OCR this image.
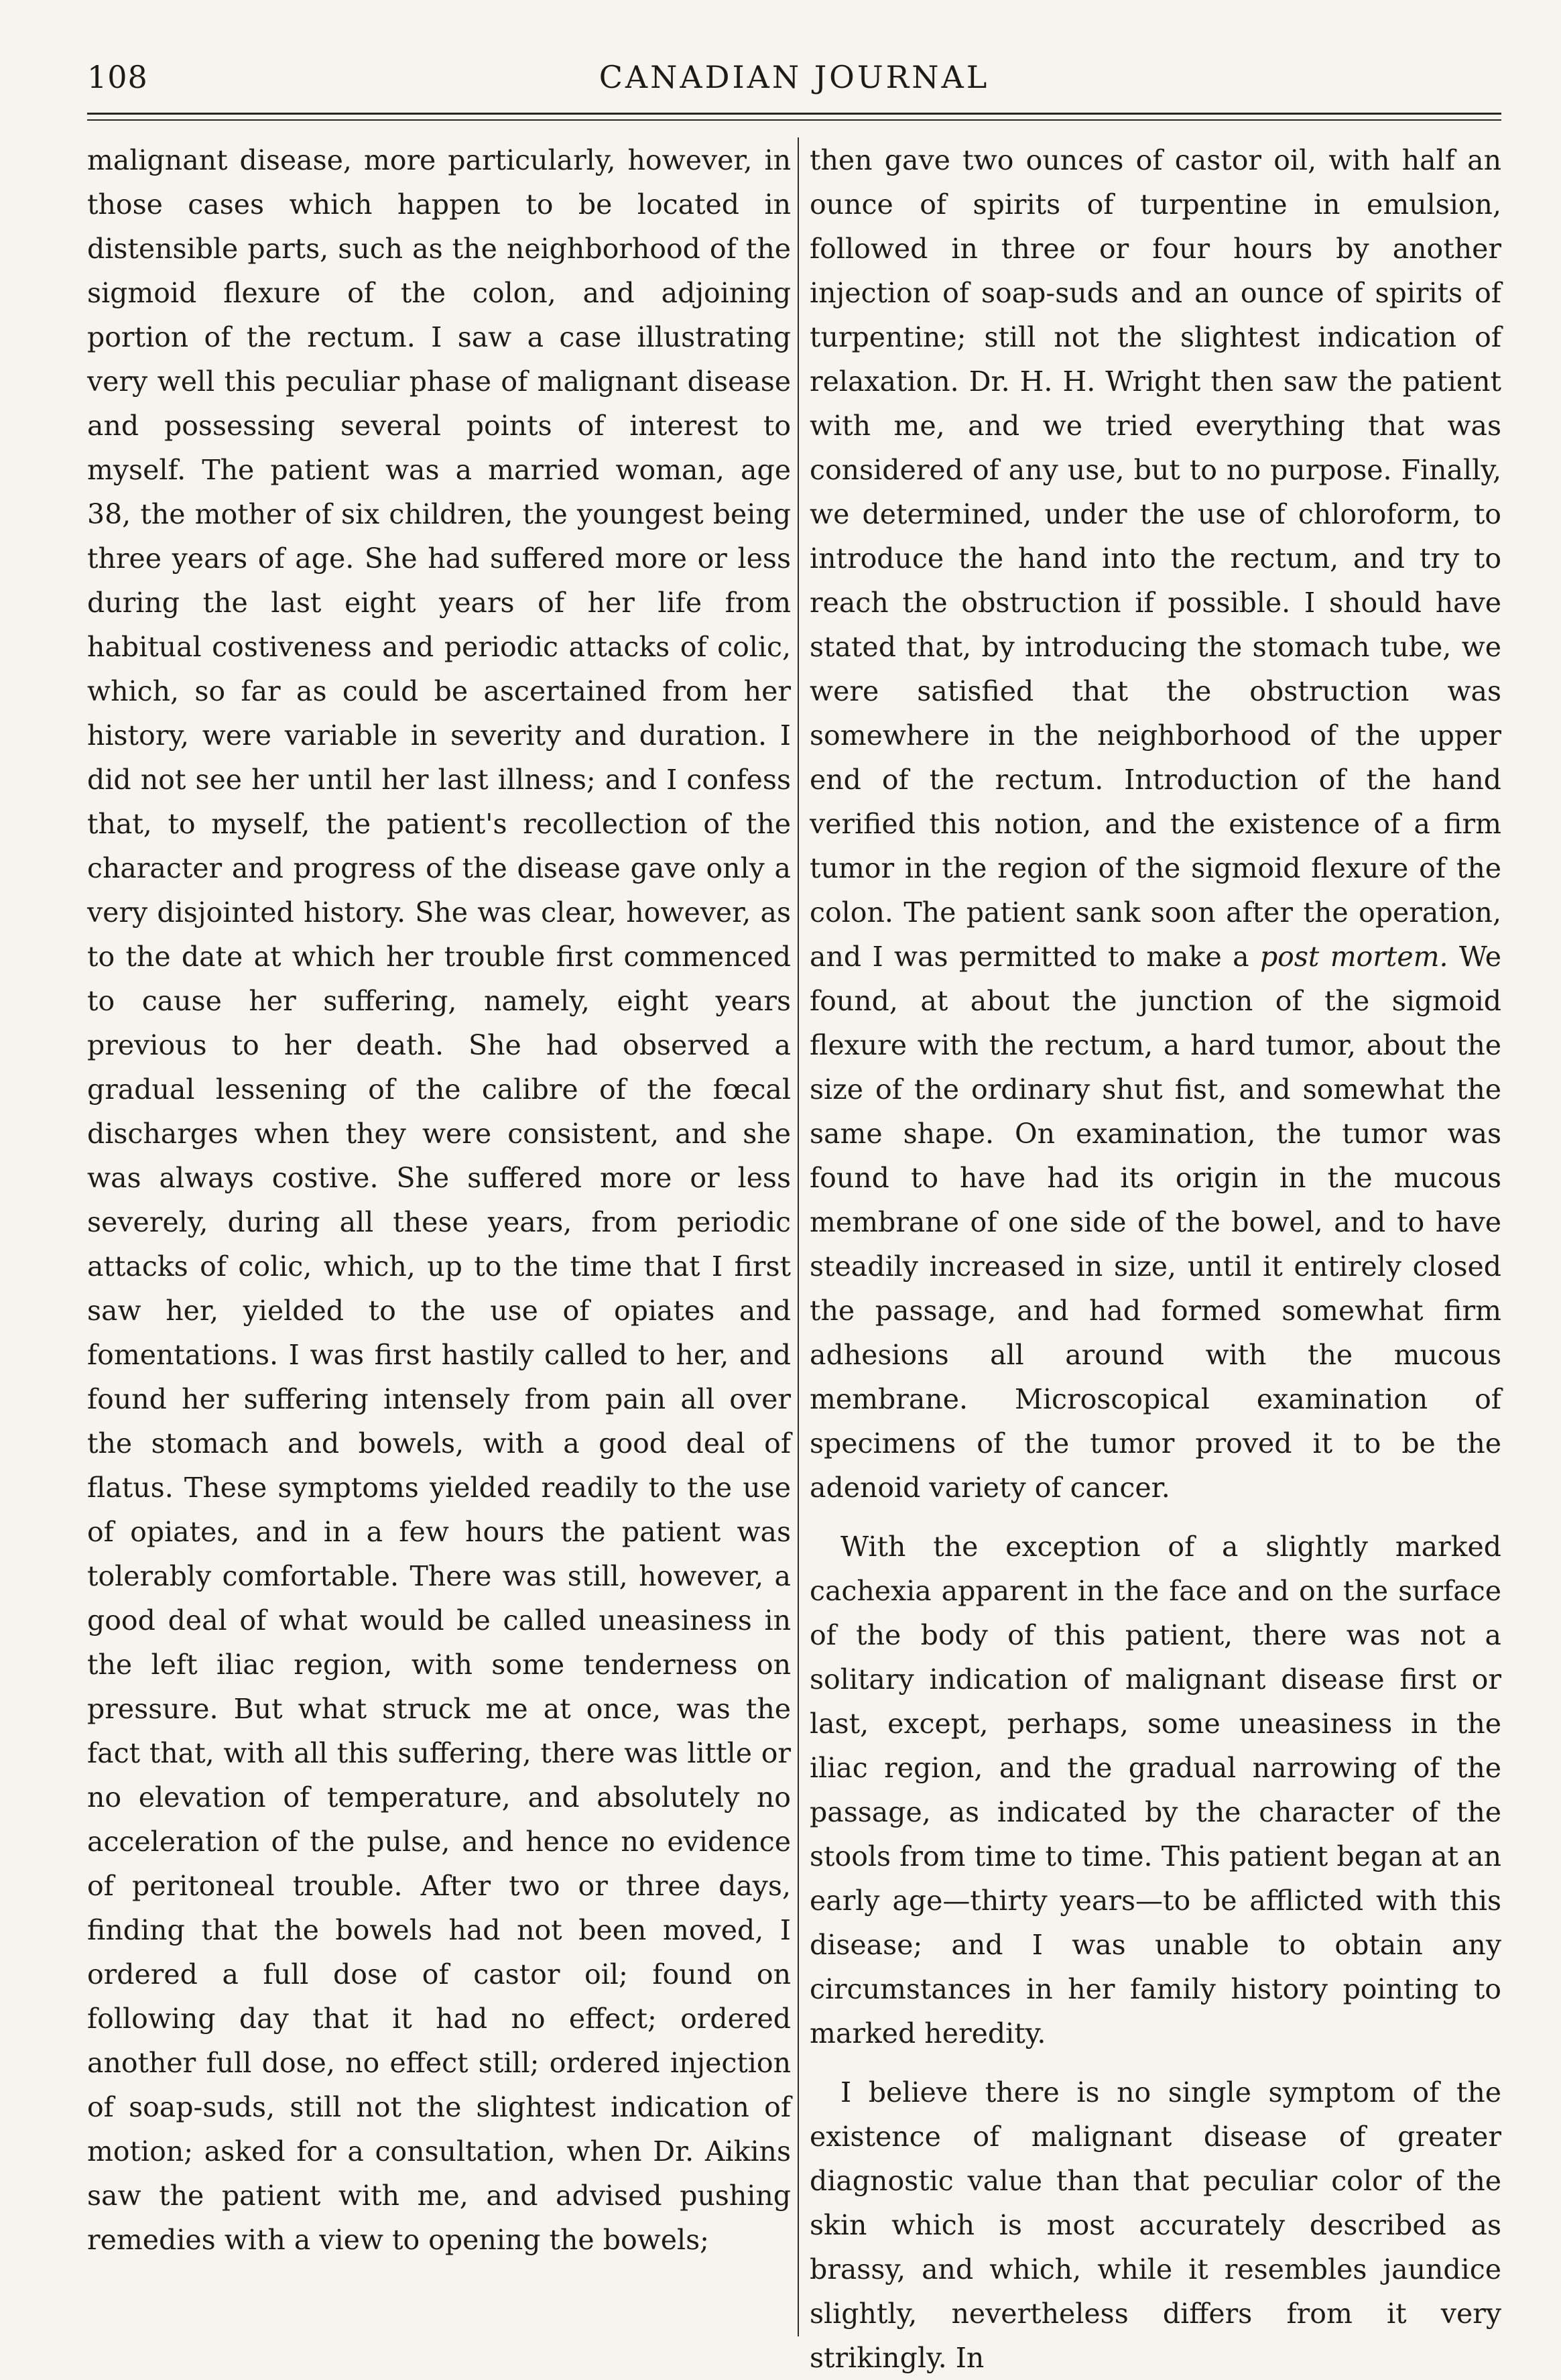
108	CANADIAN JOURNAL

malignant disease, more particularly, however, in those cases which happen to be located in distensible parts, such as the neighborhood of the sigmoid flexure of the colon, and adjoining portion of the rectum. I saw a case illustrating very well this peculiar phase of malignant disease and possessing several points of interest to myself. The patient was a married woman, age 38, the mother of six children, the youngest being three years of age. She had suffered more or less during the last eight years of her life from habitual costiveness and periodic attacks of colic, which, so far as could be ascertained from her history, were variable in severity and duration. I did not see her until her last illness; and I confess that, to myself, the patient's recollection of the character and progress of the disease gave only a very disjointed history. She was clear, however, as to the date at which her trouble first commenced to cause her suffering, namely, eight years previous to her death. She had observed a gradual lessening of the calibre of the fœcal discharges when they were consistent, and she was always costive. She suffered more or less severely, during all these years, from periodic attacks of colic, which, up to the time that I first saw her, yielded to the use of opiates and fomentations. I was first hastily called to her, and found her suffering intensely from pain all over the stomach and bowels, with a good deal of flatus. These symptoms yielded readily to the use of opiates, and in a few hours the patient was tolerably comfortable. There was still, however, a good deal of what would be called uneasiness in the left iliac region, with some tenderness on pressure. But what struck me at once, was the fact that, with all this suffering, there was little or no elevation of temperature, and absolutely no acceleration of the pulse, and hence no evidence of peritoneal trouble. After two or three days, finding that the bowels had not been moved, I ordered a full dose of castor oil; found on following day that it had no effect; ordered another full dose, no effect still; ordered injection of soap-suds, still not the slightest indication of motion; asked for a consultation, when Dr. Aikins saw the patient with me, and advised pushing remedies with a view to opening the bowels;

then gave two ounces of castor oil, with half an ounce of spirits of turpentine in emulsion, followed in three or four hours by another injection of soap-suds and an ounce of spirits of turpentine; still not the slightest indication of relaxation. Dr. H. H. Wright then saw the patient with me, and we tried everything that was considered of any use, but to no purpose. Finally, we determined, under the use of chloroform, to introduce the hand into the rectum, and try to reach the obstruction if possible. I should have stated that, by introducing the stomach tube, we were satisfied that the obstruction was somewhere in the neighborhood of the upper end of the rectum. Introduction of the hand verified this notion, and the existence of a firm tumor in the region of the sigmoid flexure of the colon. The patient sank soon after the operation, and I was permitted to make a post mortem. We found, at about the junction of the sigmoid flexure with the rectum, a hard tumor, about the size of the ordinary shut fist, and somewhat the same shape. On examination, the tumor was found to have had its origin in the mucous membrane of one side of the bowel, and to have steadily increased in size, until it entirely closed the passage, and had formed somewhat firm adhesions all around with the mucous membrane. Microscopical examination of specimens of the tumor proved it to be the adenoid variety of cancer.

With the exception of a slightly marked cachexia apparent in the face and on the surface of the body of this patient, there was not a solitary indication of malignant disease first or last, except, perhaps, some uneasiness in the iliac region, and the gradual narrowing of the passage, as indicated by the character of the stools from time to time. This patient began at an early age—thirty years—to be afflicted with this disease; and I was unable to obtain any circumstances in her family history pointing to marked heredity.

I believe there is no single symptom of the existence of malignant disease of greater diagnostic value than that peculiar color of the skin which is most accurately described as brassy, and which, while it resembles jaundice slightly, nevertheless differs from it very strikingly. In
